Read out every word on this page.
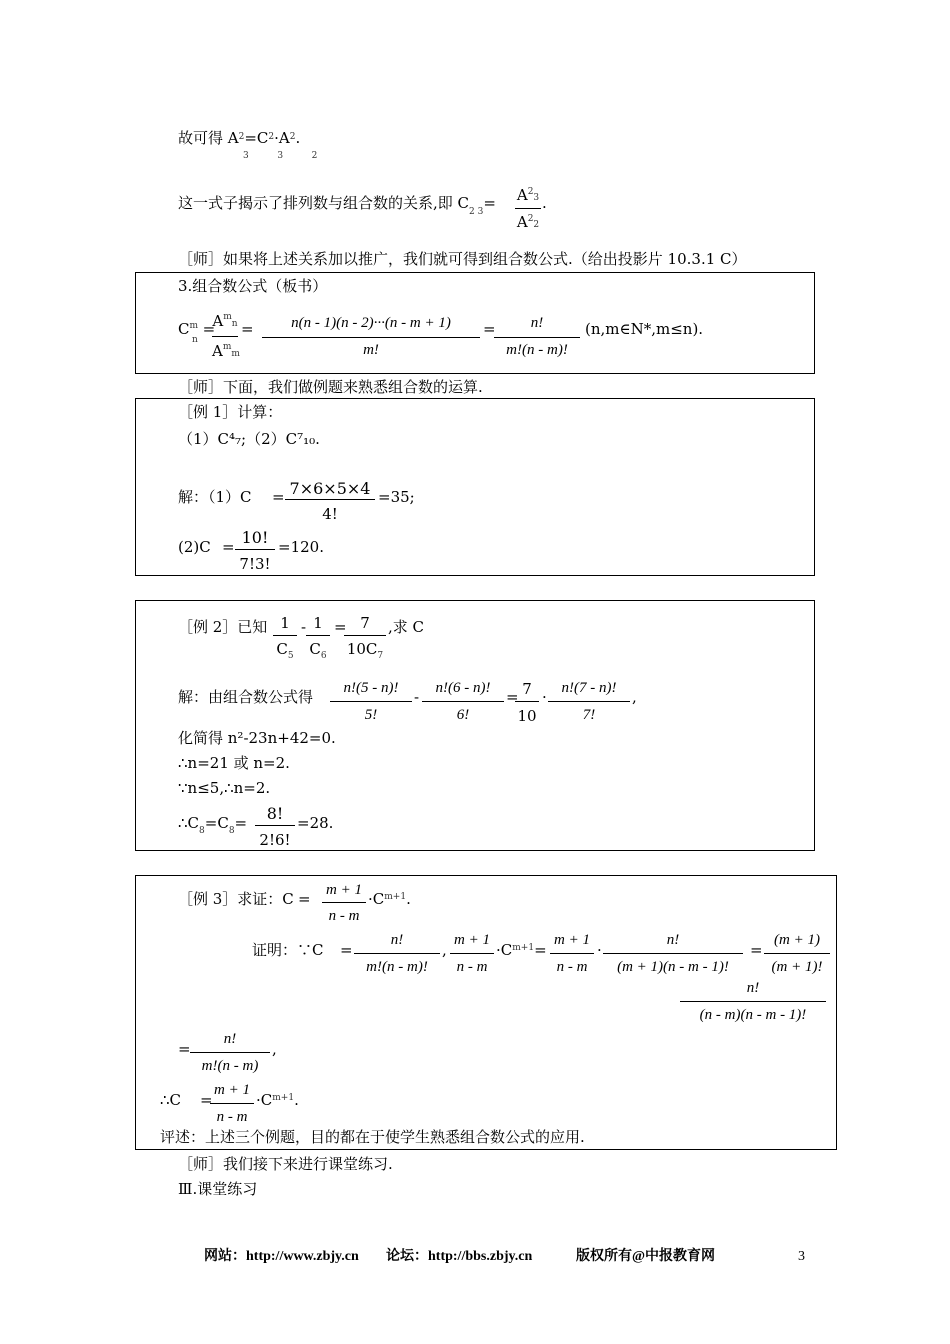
故可得 $A^2=C^2\cdot A^2$.
3          3          2
这一式子揭示了排列数与组合数的关系,即 $C_{2 3}= A^23$
$A^22$
.
［师］如果将上述关系加以推广，我们就可得到组合数公式.（给出投影片 10.3.1 C）
3.组合数公式（板书）
$C^m_n$ =
$A^mn$
$A^mm$
=	n(n - 1)(n - 2)···(n - m + 1)
m!
=	n!
m!(n - m)!
(n,m∈N*,m≤n).
［师］下面，我们做例题来熟悉组合数的运算.
［例 1］计算：
（1）C⁴₇;（2）C⁷₁₀.
解：（1）C = 7×6×5×4
4!
=35;
(2)C = 10!
7!3!
=120.
［例 2］已知 1
$C_5$
- 1
$C_6$
= 7
$10C_7$
,求 C
解：由组合数公式得	n!(5 - n)!
5!
-	n!(6 - n)!
6!
= 7
10
· n!(7 - n)!
7!
,
化简得 n²-23n+42=0.
∴n=21 或 n=2.
∵n≤5,∴n=2.
$\therefore C_8=C_8=$	8!
2!6!
=28.
［例 3］求证：C = m + 1
n - m
$\cdot C^{m+1}$.
证明：∵C =
n!
m!(n - m)!
,
m + 1
n - m
$\cdot C^{m+1}=$
m + 1
n - m
·
n!
(m + 1)(n - m - 1)!
=
(m + 1)
(m + 1)!
n!
(n - m)(n - m - 1)!
=
n!
m!(n - m)
,
∴C =
m + 1
n - m
$\cdot C^{m+1}$.
评述：上述三个例题，目的都在于使学生熟悉组合数公式的应用.
［师］我们接下来进行课堂练习.
Ⅲ.课堂练习
网站：http://www.zbjy.cn 论坛：http://bbs.zbjy.cn	版权所有@中报教育网	3
